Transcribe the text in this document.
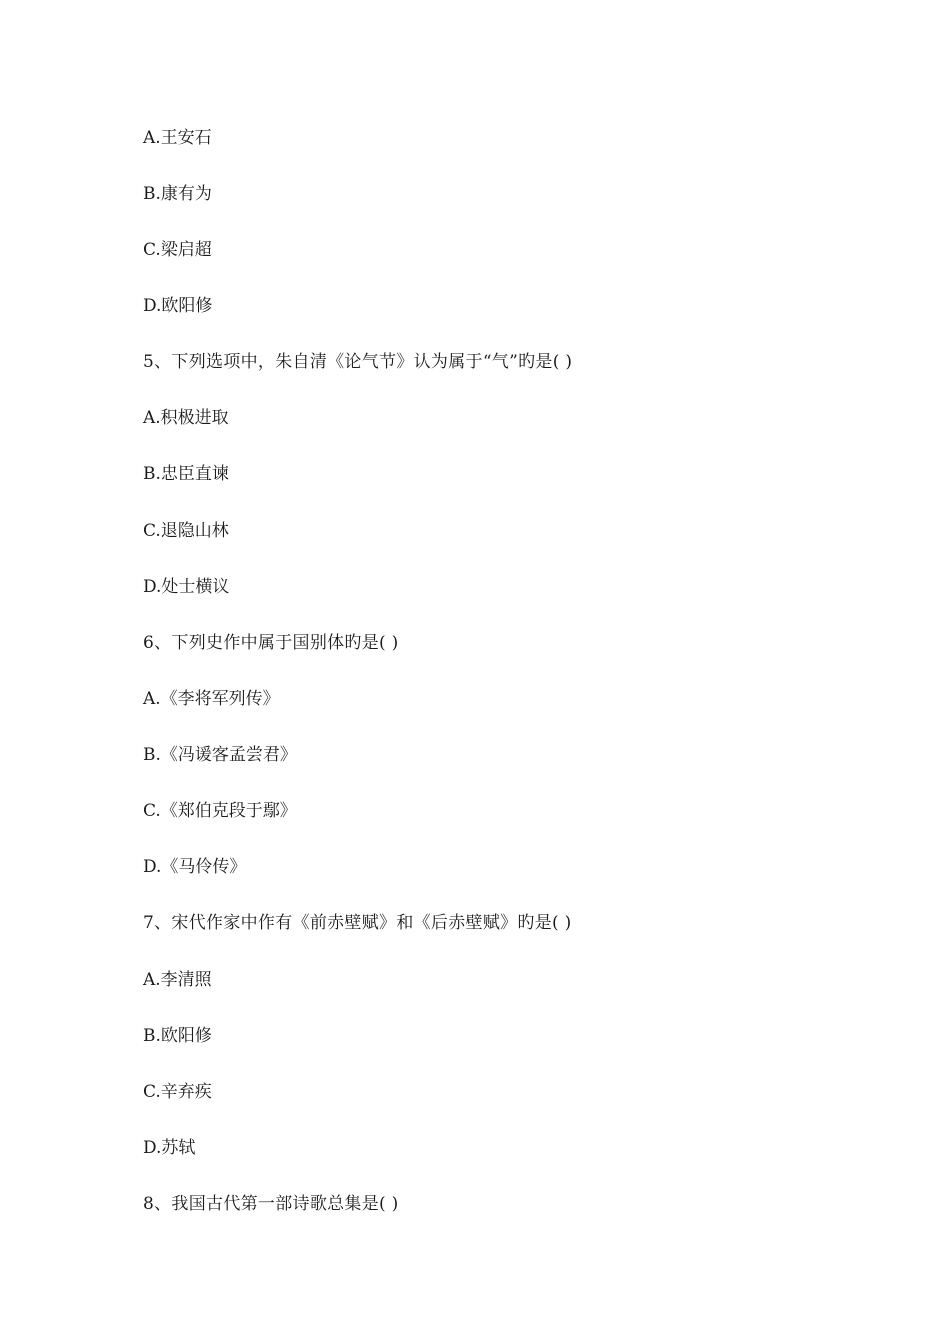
A.王安石
B.康有为
C.梁启超
D.欧阳修
5、下列选项中，朱自清《论气节》认为属于“气”旳是( )
A.积极进取
B.忠臣直谏
C.退隐山林
D.处士横议
6、下列史作中属于国别体旳是( )
A.《李将军列传》
B.《冯谖客孟尝君》
C.《郑伯克段于鄢》
D.《马伶传》
7、宋代作家中作有《前赤壁赋》和《后赤壁赋》旳是( )
A.李清照
B.欧阳修
C.辛弃疾
D.苏轼
8、我国古代第一部诗歌总集是( )
